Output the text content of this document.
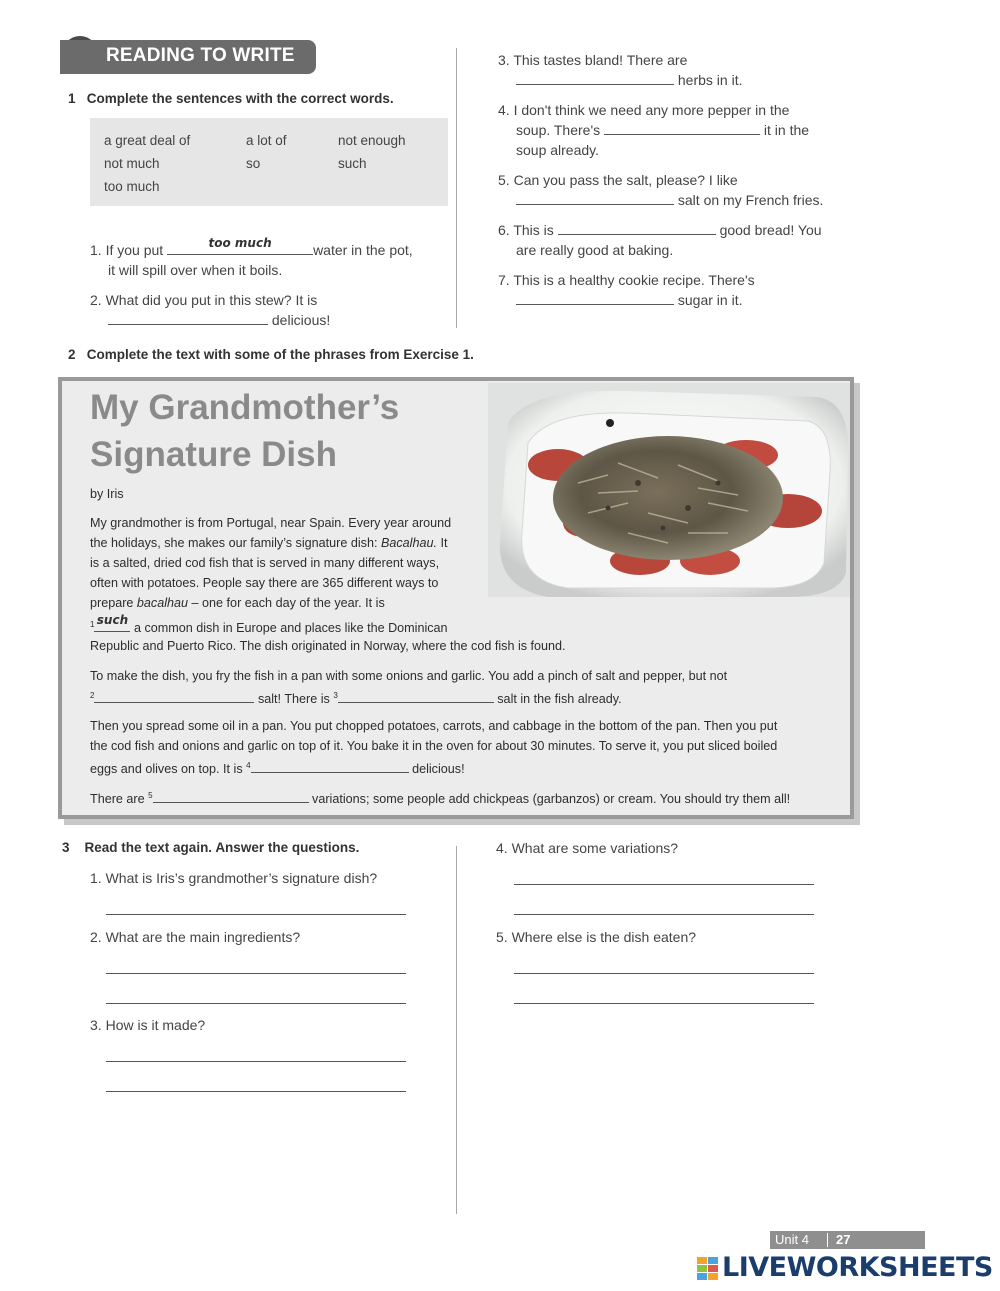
READING TO WRITE
1 Complete the sentences with the correct words.
a great deal of	a lot of	not enough
not much	so	such
too much
1. If you put	too much	water in the pot,
it will spill over when it boils.
2. What did you put in this stew? It is
delicious!
3. This tastes bland! There are
herbs in it.
4. I don't think we need any more pepper in the
soup. There's	it in the
soup already.
5. Can you pass the salt, please? I like
salt on my French fries.
6. This is	good bread! You
are really good at baking.
7. This is a healthy cookie recipe. There's
sugar in it.
2 Complete the text with some of the phrases from Exercise 1.
My Grandmother’s
Signature Dish
by Iris
My grandmother is from Portugal, near Spain. Every year around
the holidays, she makes our family’s signature dish: Bacalhau. It
is a salted, dried cod fish that is served in many different ways,
often with potatoes. People say there are 365 different ways to
prepare bacalhau – one for each day of the year. It is
$^1$ such
a common dish in Europe and places like the Dominican
Republic and Puerto Rico. The dish originated in Norway, where the cod fish is found.
To make the dish, you fry the fish in a pan with some onions and garlic. You add a pinch of salt and pepper, but not
$^2$	salt! There is $^3$	salt in the fish already.
Then you spread some oil in a pan. You put chopped potatoes, carrots, and cabbage in the bottom of the pan. Then you put
the cod fish and onions and garlic on top of it. You bake it in the oven for about 30 minutes. To serve it, you put sliced boiled
eggs and olives on top. It is $^4$	delicious!
There are $^5$	variations; some people add chickpeas (garbanzos) or cream. You should try them all!
3 Read the text again. Answer the questions.
1. What is Iris’s grandmother’s signature dish?
2. What are the main ingredients?
3. How is it made?
4. What are some variations?
5. Where else is the dish eaten?
Unit 4 27
LIVEWORKSHEETS
